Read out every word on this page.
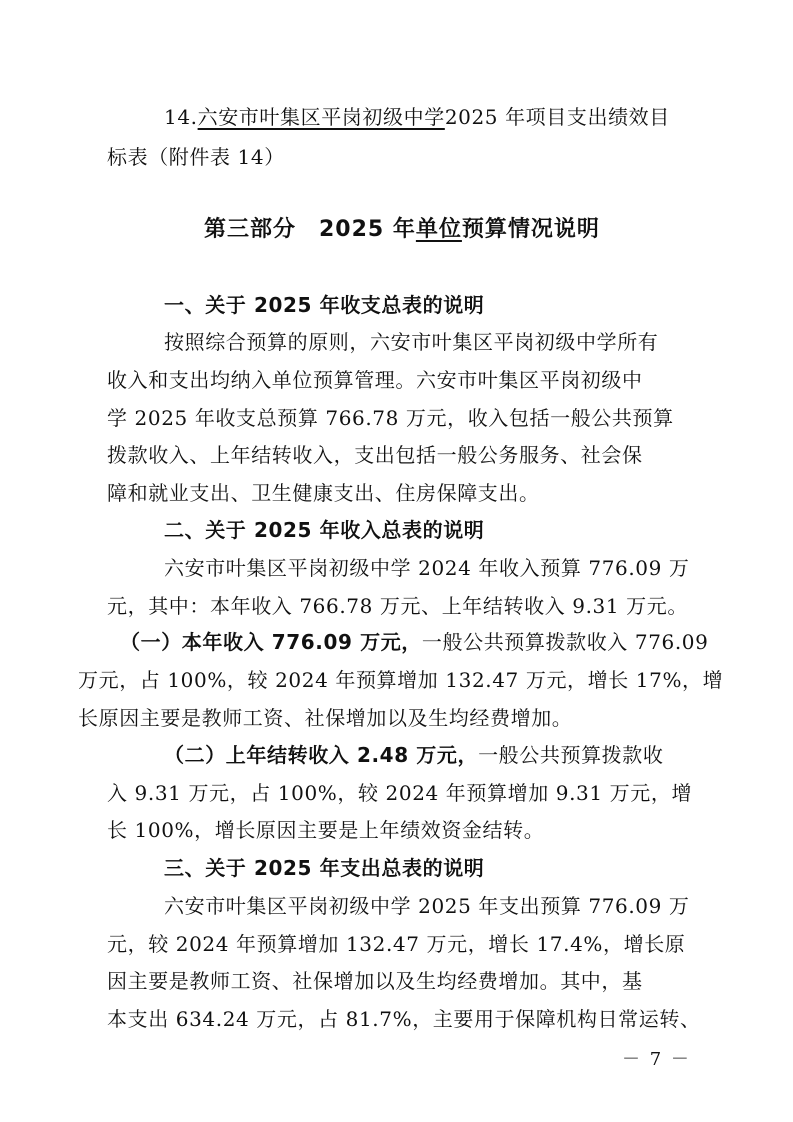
14.六安市叶集区平岗初级中学2025 年项目支出绩效目
标表（附件表 14）
第三部分　2025 年单位预算情况说明
一、关于 2025 年收支总表的说明
按照综合预算的原则，六安市叶集区平岗初级中学所有
收入和支出均纳入单位预算管理。六安市叶集区平岗初级中
学 2025 年收支总预算 766.78 万元，收入包括一般公共预算
拨款收入、上年结转收入，支出包括一般公务服务、社会保
障和就业支出、卫生健康支出、住房保障支出。
二、关于 2025 年收入总表的说明
六安市叶集区平岗初级中学 2024 年收入预算 776.09 万
元，其中：本年收入 766.78 万元、上年结转收入 9.31 万元。
（一）本年收入 776.09 万元，一般公共预算拨款收入 776.09
万元，占 100%，较 2024 年预算增加 132.47 万元，增长 17%，增
长原因主要是教师工资、社保增加以及生均经费增加。
（二）上年结转收入 2.48 万元，一般公共预算拨款收
入 9.31 万元，占 100%，较 2024 年预算增加 9.31 万元，增
长 100%，增长原因主要是上年绩效资金结转。
三、关于 2025 年支出总表的说明
六安市叶集区平岗初级中学 2025 年支出预算 776.09 万
元，较 2024 年预算增加 132.47 万元，增长 17.4%，增长原
因主要是教师工资、社保增加以及生均经费增加。其中，基
本支出 634.24 万元，占 81.7%，主要用于保障机构日常运转、
－ 7 －
